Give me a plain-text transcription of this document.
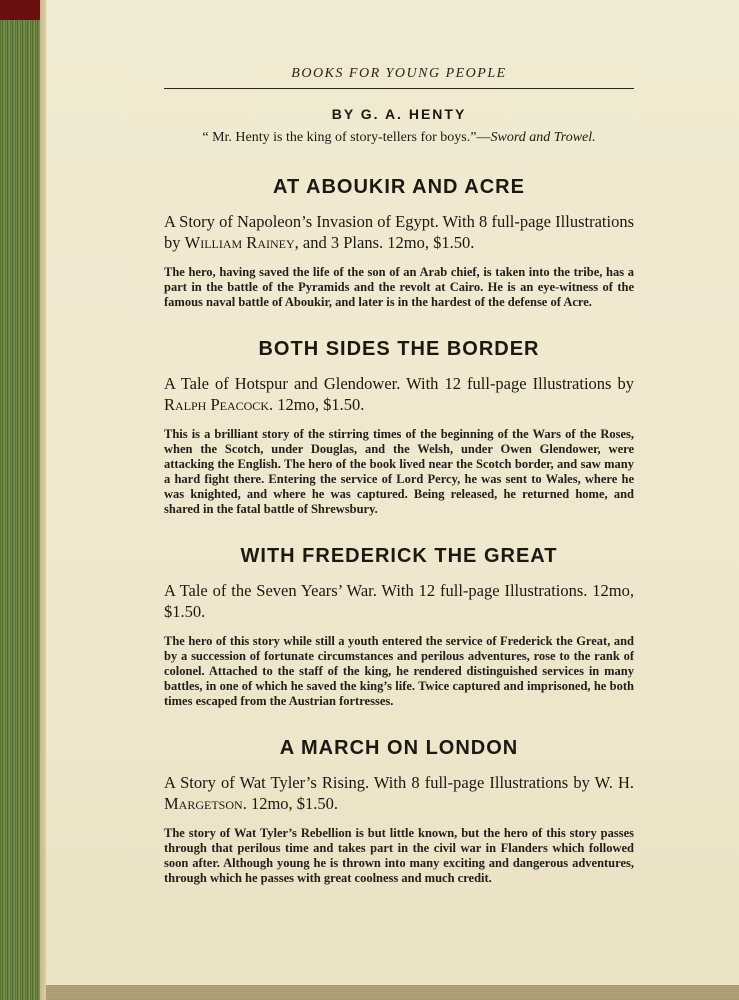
BOOKS FOR YOUNG PEOPLE
BY G. A. HENTY
“ Mr. Henty is the king of story-tellers for boys.”—Sword and Trowel.
AT ABOUKIR AND ACRE
A Story of Napoleon’s Invasion of Egypt. With 8 full-page Illustrations by William Rainey, and 3 Plans. 12mo, $1.50.
The hero, having saved the life of the son of an Arab chief, is taken into the tribe, has a part in the battle of the Pyramids and the revolt at Cairo. He is an eye-witness of the famous naval battle of Aboukir, and later is in the hardest of the defense of Acre.
BOTH SIDES THE BORDER
A Tale of Hotspur and Glendower. With 12 full-page Illustrations by Ralph Peacock. 12mo, $1.50.
This is a brilliant story of the stirring times of the beginning of the Wars of the Roses, when the Scotch, under Douglas, and the Welsh, under Owen Glendower, were attacking the English. The hero of the book lived near the Scotch border, and saw many a hard fight there. Entering the service of Lord Percy, he was sent to Wales, where he was knighted, and where he was captured. Being released, he returned home, and shared in the fatal battle of Shrewsbury.
WITH FREDERICK THE GREAT
A Tale of the Seven Years’ War. With 12 full-page Illustrations. 12mo, $1.50.
The hero of this story while still a youth entered the service of Frederick the Great, and by a succession of fortunate circumstances and perilous adventures, rose to the rank of colonel. Attached to the staff of the king, he rendered distinguished services in many battles, in one of which he saved the king’s life. Twice captured and imprisoned, he both times escaped from the Austrian fortresses.
A MARCH ON LONDON
A Story of Wat Tyler’s Rising. With 8 full-page Illustrations by W. H. Margetson. 12mo, $1.50.
The story of Wat Tyler’s Rebellion is but little known, but the hero of this story passes through that perilous time and takes part in the civil war in Flanders which followed soon after. Although young he is thrown into many exciting and dangerous adventures, through which he passes with great coolness and much credit.
